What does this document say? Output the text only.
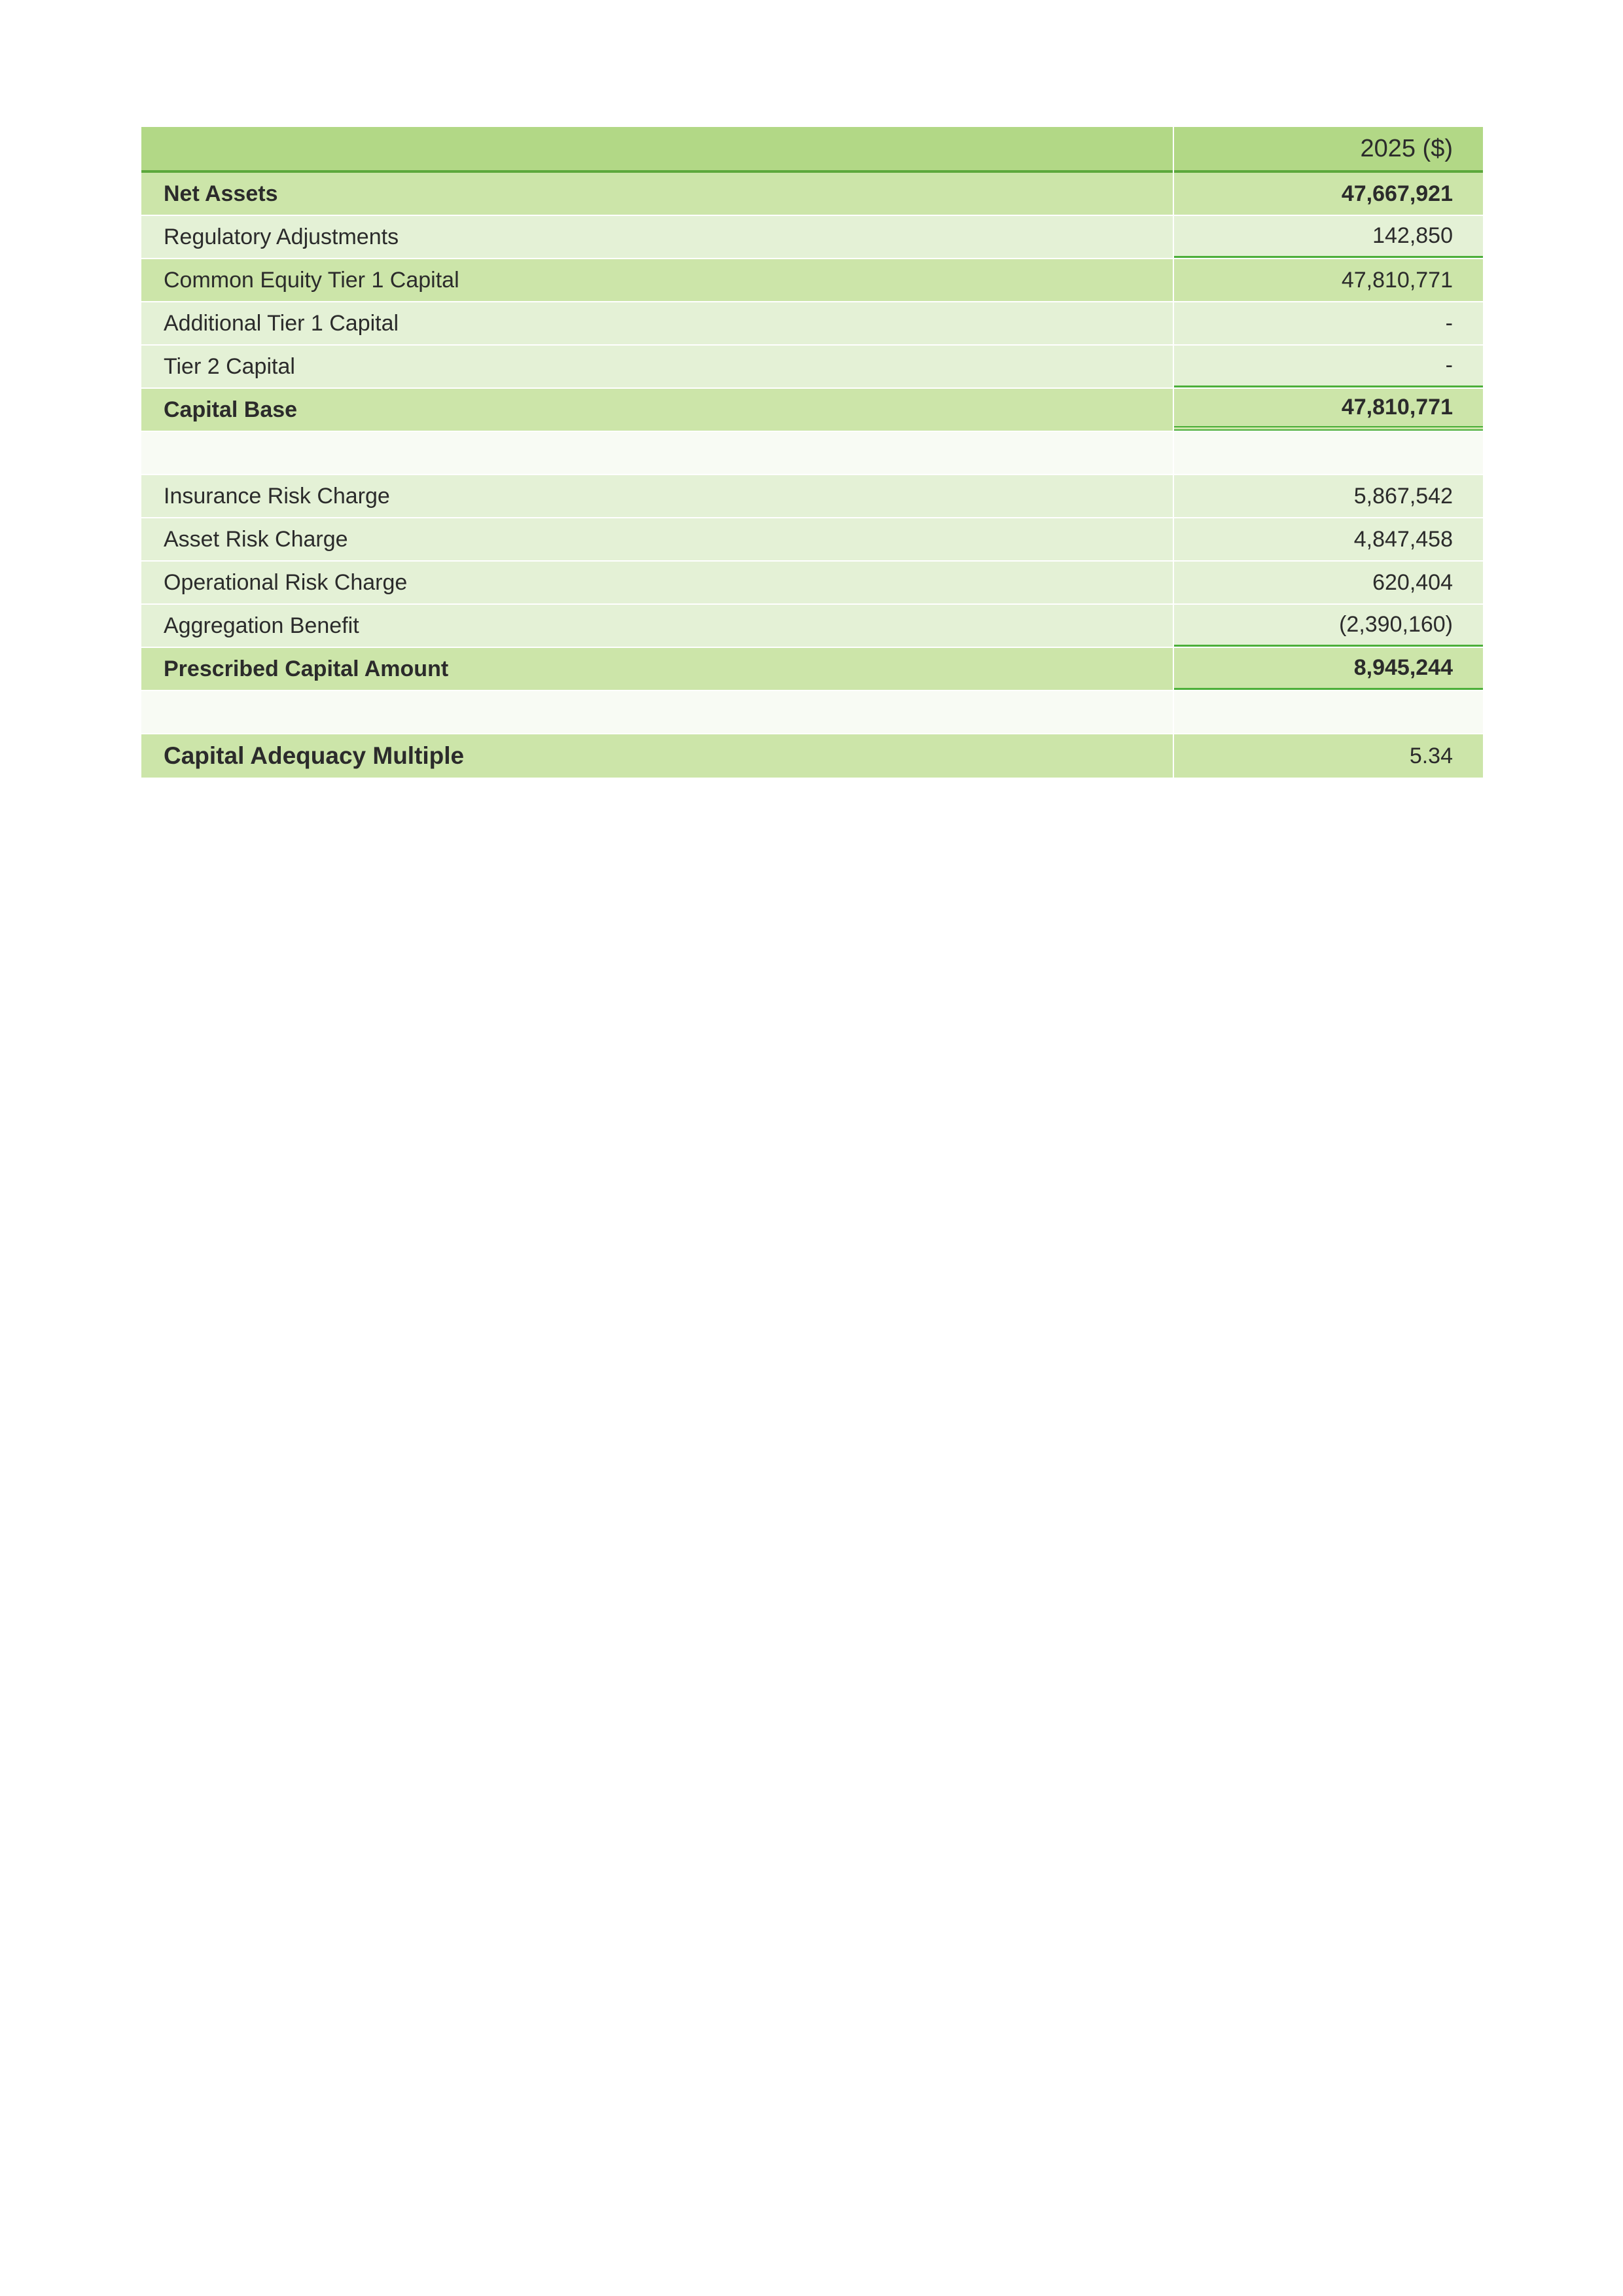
2025 ($)
Net Assets	47,667,921
Regulatory Adjustments	142,850
Common Equity Tier 1 Capital	47,810,771
Additional Tier 1 Capital	-
Tier 2 Capital	-
Capital Base	47,810,771
Insurance Risk Charge	5,867,542
Asset Risk Charge	4,847,458
Operational Risk Charge	620,404
Aggregation Benefit	(2,390,160)
Prescribed Capital Amount	8,945,244
Capital Adequacy Multiple	5.34
